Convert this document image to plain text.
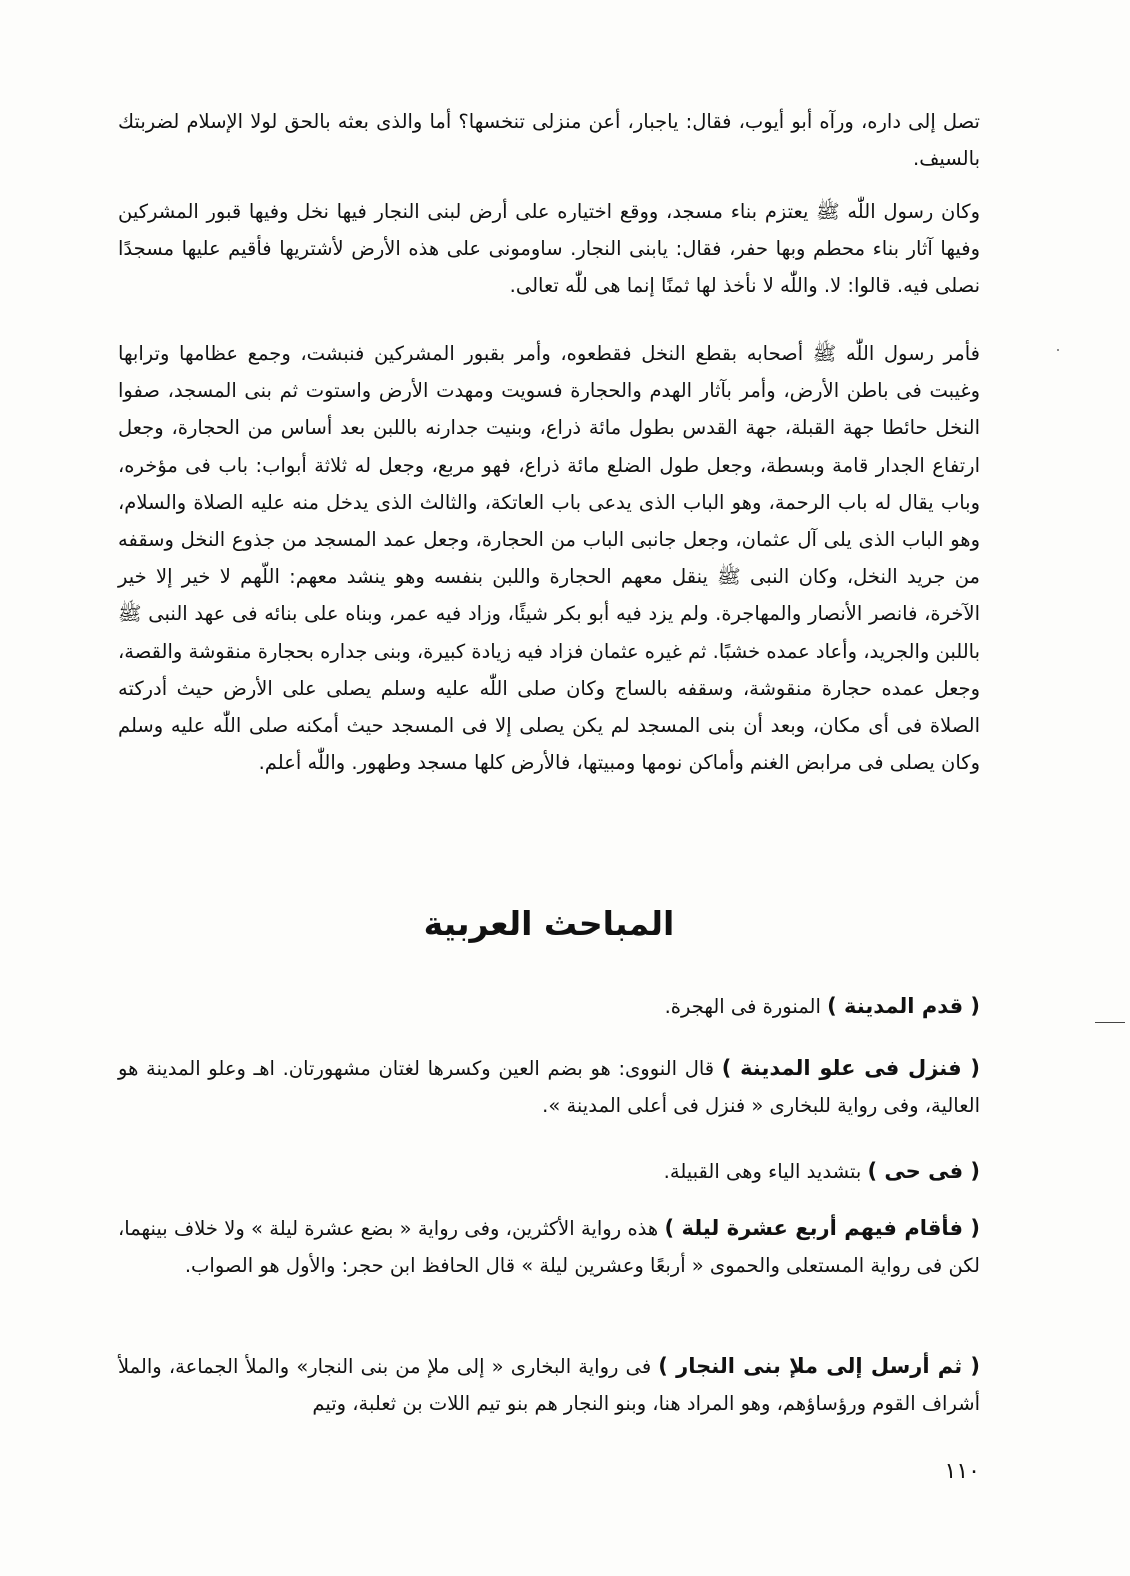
تصل إلى داره، ورآه أبو أيوب، فقال: ياجبار، أعن منزلى تنخسها؟ أما والذى بعثه بالحق لولا الإسلام لضربتك بالسيف.

وكان رسول اللّٰه ﷺ يعتزم بناء مسجد، ووقع اختياره على أرض لبنى النجار فيها نخل وفيها قبور المشركين وفيها آثار بناء محطم وبها حفر، فقال: يابنى النجار. ساومونى على هذه الأرض لأشتريها فأقيم عليها مسجدًا نصلى فيه. قالوا: لا. واللّٰه لا نأخذ لها ثمنًا إنما هى للّٰه تعالى.

فأمر رسول اللّٰه ﷺ أصحابه بقطع النخل فقطعوه، وأمر بقبور المشركين فنبشت، وجمع عظامها وترابها وغيبت فى باطن الأرض، وأمر بآثار الهدم والحجارة فسويت ومهدت الأرض واستوت ثم بنى المسجد، صفوا النخل حائطا جهة القبلة، جهة القدس بطول مائة ذراع، وبنيت جدارنه باللبن بعد أساس من الحجارة، وجعل ارتفاع الجدار قامة وبسطة، وجعل طول الضلع مائة ذراع، فهو مربع، وجعل له ثلاثة أبواب: باب فى مؤخره، وباب يقال له باب الرحمة، وهو الباب الذى يدعى باب العاتكة، والثالث الذى يدخل منه عليه الصلاة والسلام، وهو الباب الذى يلى آل عثمان، وجعل جانبى الباب من الحجارة، وجعل عمد المسجد من جذوع النخل وسقفه من جريد النخل، وكان النبى ﷺ ينقل معهم الحجارة واللبن بنفسه وهو ينشد معهم: اللّهم لا خير إلا خير الآخرة، فانصر الأنصار والمهاجرة. ولم يزد فيه أبو بكر شيئًا، وزاد فيه عمر، وبناه على بنائه فى عهد النبى ﷺ باللبن والجريد، وأعاد عمده خشبًا. ثم غيره عثمان فزاد فيه زيادة كبيرة، وبنى جداره بحجارة منقوشة والقصة، وجعل عمده حجارة منقوشة، وسقفه بالساج وكان صلى اللّٰه عليه وسلم يصلى على الأرض حيث أدركته الصلاة فى أى مكان، وبعد أن بنى المسجد لم يكن يصلى إلا فى المسجد حيث أمكنه صلى اللّٰه عليه وسلم وكان يصلى فى مرابض الغنم وأماكن نومها ومبيتها، فالأرض كلها مسجد وطهور. واللّٰه أعلم.

المباحث العربية

( قدم المدينة ) المنورة فى الهجرة.

( فنزل فى علو المدينة ) قال النووى: هو بضم العين وكسرها لغتان مشهورتان. اهـ وعلو المدينة هو العالية، وفى رواية للبخارى « فنزل فى أعلى المدينة ».

( فى حى ) بتشديد الياء وهى القبيلة.

( فأقام فيهم أربع عشرة ليلة ) هذه رواية الأكثرين، وفى رواية « بضع عشرة ليلة » ولا خلاف بينهما، لكن فى رواية المستعلى والحموى « أربعًا وعشرين ليلة » قال الحافظ ابن حجر: والأول هو الصواب.

( ثم أرسل إلى ملإ بنى النجار ) فى رواية البخارى « إلى ملإ من بنى النجار» والملأ الجماعة، والملأ أشراف القوم ورؤساؤهم، وهو المراد هنا، وبنو النجار هم بنو تيم اللات بن ثعلبة، وتيم

١١٠
